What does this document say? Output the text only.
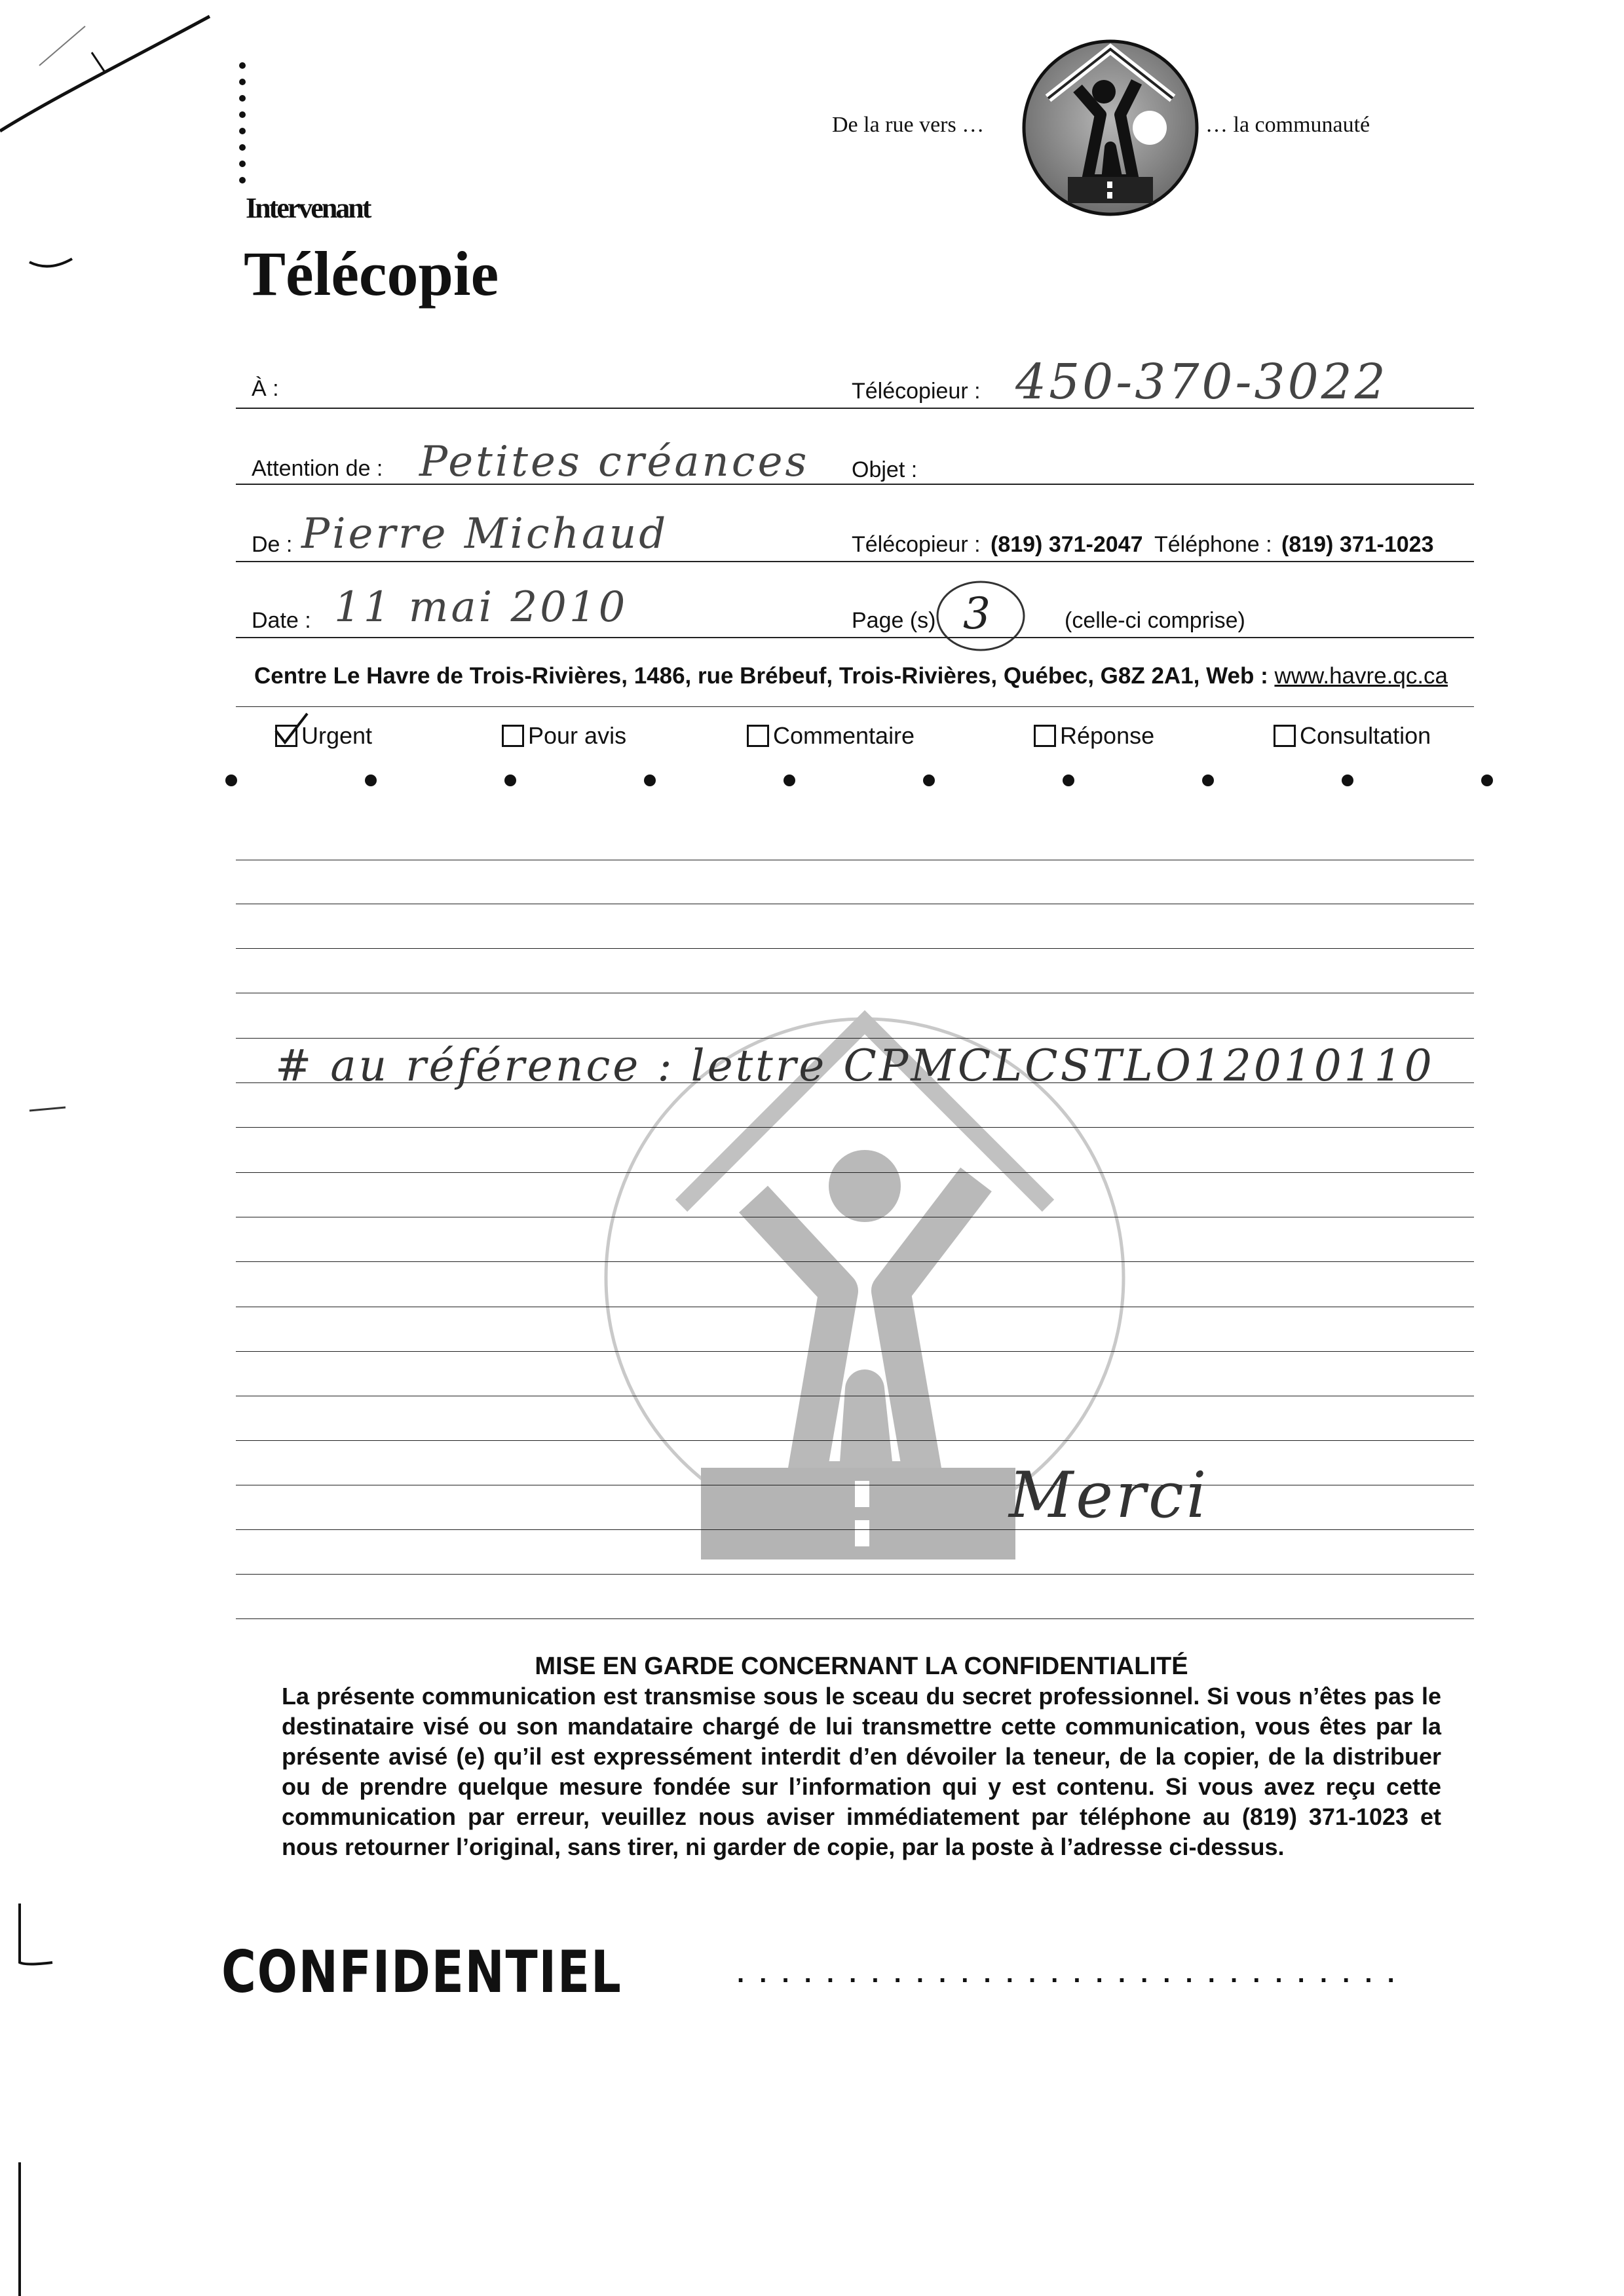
De la rue vers …	… la communauté
Intervenant
Télécopie
À :	Télécopieur : 450-370-3022
Attention de : Petites créances Objet :
De : Pierre Michaud	Télécopieur : (819) 371-2047 Téléphone : (819) 371-1023
Date : 11 mai 2010	Page (s) 3	(celle-ci comprise)
Centre Le Havre de Trois-Rivières, 1486, rue Brébeuf, Trois-Rivières, Québec, G8Z 2A1, Web : www.havre.qc.ca
Urgent	Pour avis	Commentaire	Réponse	Consultation
# au référence : lettre CPMCLCSTLO12010110
Merci
MISE EN GARDE CONCERNANT LA CONFIDENTIALITÉ
La présente communication est transmise sous le sceau du secret professionnel. Si vous n’êtes pas le destinataire visé ou son mandataire chargé de lui transmettre cette communication, vous êtes par la présente avisé (e) qu’il est expressément interdit d’en dévoiler la teneur, de la copier, de la distribuer ou de prendre quelque mesure fondée sur l’information qui y est contenu. Si vous avez reçu cette communication par erreur, veuillez nous aviser immédiatement par téléphone au (819) 371-1023 et nous retourner l’original, sans tirer, ni garder de copie, par la poste à l’adresse ci-dessus.
CONFIDENTIEL	. . . . . . . . . . . . . . . . . . . . . . . . . . . . . .
